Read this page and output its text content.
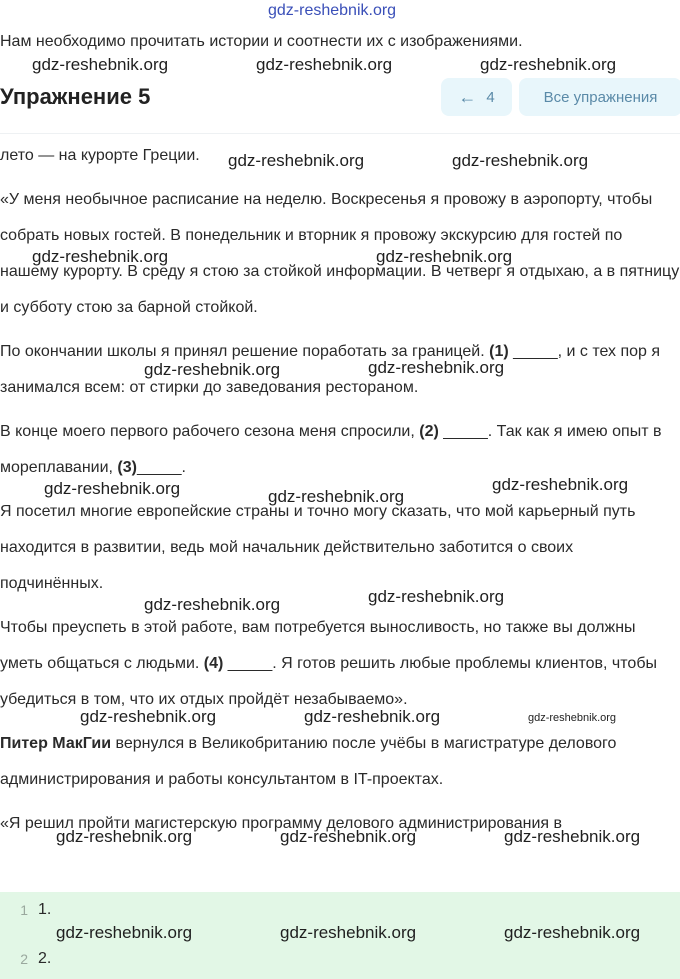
gdz-reshebnik.org
gdz-reshebnik.org	gdz-reshebnik.org	gdz-reshebnik.org
gdz-reshebnik.org	gdz-reshebnik.org
gdz-reshebnik.org	gdz-reshebnik.org
gdz-reshebnik.org	gdz-reshebnik.org
gdz-reshebnik.org	gdz-reshebnik.org
gdz-reshebnik.org
gdz-reshebnik.org	gdz-reshebnik.org
gdz-reshebnik.org	gdz-reshebnik.org	gdz-reshebnik.org
gdz-reshebnik.org	gdz-reshebnik.org	gdz-reshebnik.org
gdz-reshebnik.org	gdz-reshebnik.org	gdz-reshebnik.org
Нам необходимо прочитать истории и соотнести их с изображениями.
Упражнение 5	← 4	Все упражнения

лето — на курорте Греции.

«У меня необычное расписание на неделю. Воскресенья я провожу в аэропорту, чтобы собрать новых гостей. В понедельник и вторник я провожу экскурсию для гостей по нашему курорту. В среду я стою за стойкой информации. В четверг я отдыхаю, а в пятницу и субботу стою за барной стойкой.

По окончании школы я принял решение поработать за границей. (1) _____, и с тех пор я занимался всем: от стирки до заведования рестораном.

В конце моего первого рабочего сезона меня спросили, (2) _____. Так как я имею опыт в мореплавании, (3)_____.

Я посетил многие европейские страны и точно могу сказать, что мой карьерный путь находится в развитии, ведь мой начальник действительно заботится о своих подчинённых.

Чтобы преуспеть в этой работе, вам потребуется выносливость, но также вы должны уметь общаться с людьми. (4) _____. Я готов решить любые проблемы клиентов, чтобы убедиться в том, что их отдых пройдёт незабываемо».

Питер МакГии вернулся в Великобританию после учёбы в магистратуре делового администрирования и работы консультантом в IT-проектах.

«Я решил пройти магистерскую программу делового администрирования в

1 1.
2 2.
